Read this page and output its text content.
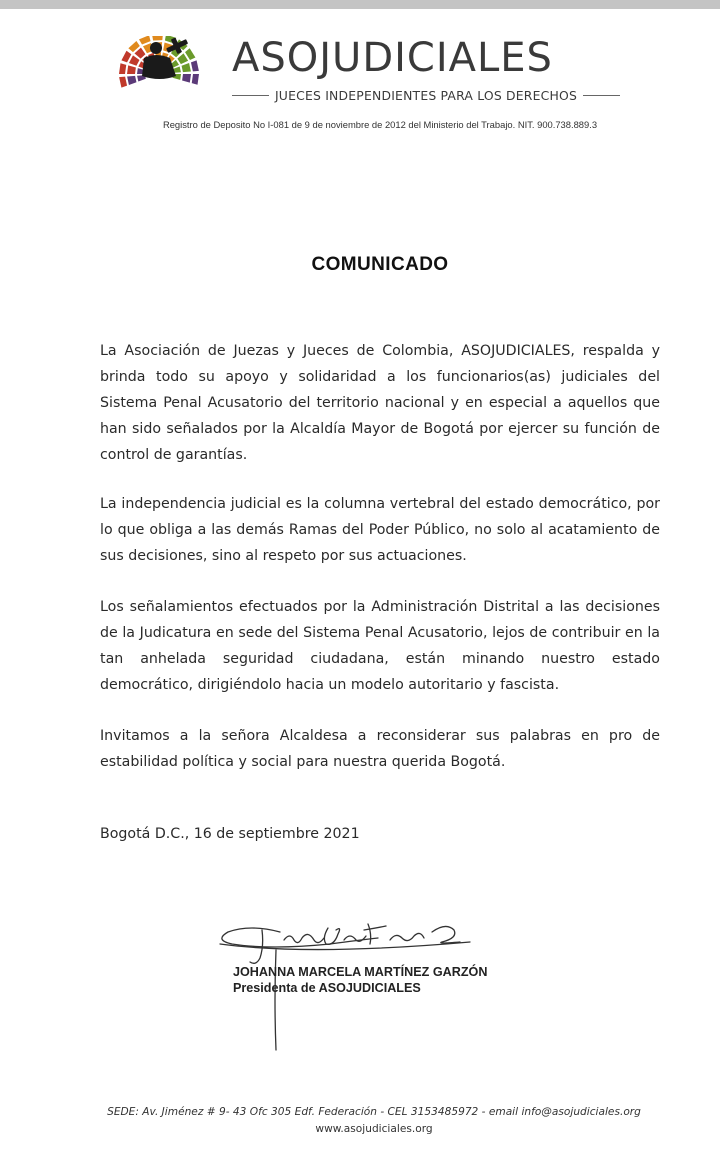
ASOJUDICIALES
JUECES INDEPENDIENTES PARA LOS DERECHOS
Registro de Deposito No I-081 de 9 de noviembre de 2012 del Ministerio del Trabajo. NIT. 900.738.889.3
COMUNICADO

La Asociación de Juezas y Jueces de Colombia, ASOJUDICIALES, respalda y brinda todo su apoyo y solidaridad a los funcionarios(as) judiciales del Sistema Penal Acusatorio del territorio nacional y en especial a aquellos que han sido señalados por la Alcaldía Mayor de Bogotá por ejercer su función de control de garantías.

La independencia judicial es la columna vertebral del estado democrático, por lo que obliga a las demás Ramas del Poder Público, no solo al acatamiento de sus decisiones, sino al respeto por sus actuaciones.

Los señalamientos efectuados por la Administración Distrital a las decisiones de la Judicatura en sede del Sistema Penal Acusatorio, lejos de contribuir en la tan anhelada seguridad ciudadana, están minando nuestro estado democrático, dirigiéndolo hacia un modelo autoritario y fascista.

Invitamos a la señora Alcaldesa a reconsiderar sus palabras en pro de estabilidad política y social para nuestra querida Bogotá.

Bogotá D.C., 16 de septiembre 2021
JOHANNA MARCELA MARTÍNEZ GARZÓN
Presidenta de ASOJUDICIALES
SEDE: Av. Jiménez # 9- 43 Ofc 305 Edf. Federación - CEL 3153485972 - email info@asojudiciales.org
www.asojudiciales.org
